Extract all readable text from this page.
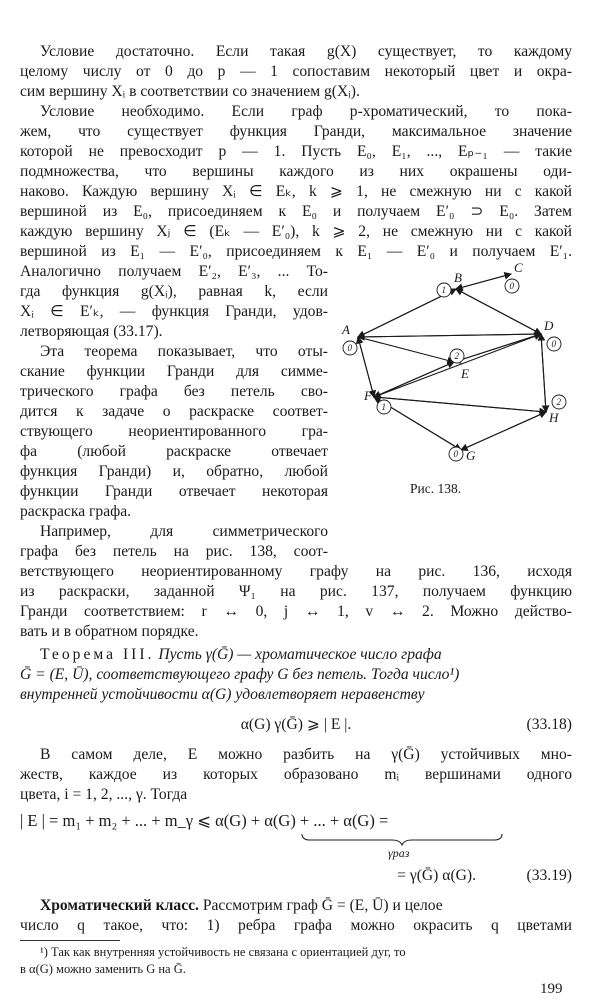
Условие достаточно. Если такая g(X) существует, то каждому
целому числу от 0 до p — 1 сопоставим некоторый цвет и окра-
сим вершину Xᵢ в соответствии со значением g(Xᵢ).
Условие необходимо. Если граф p-хроматический, то пока-
жем, что существует функция Гранди, максимальное значение
которой не превосходит p — 1. Пусть E₀, E₁, ..., Eₚ₋₁ — такие
подмножества, что вершины каждого из них окрашены оди-
наково. Каждую вершину Xᵢ ∈ Eₖ, k ⩾ 1, не смежную ни с какой
вершиной из E₀, присоединяем к E₀ и получаем E′₀ ⊃ E₀. Затем
каждую вершину Xⱼ ∈ (Eₖ — E′₀), k ⩾ 2, не смежную ни с какой
вершиной из E₁ — E′₀, присоединяем к E₁ — E′₀ и получаем E′₁.
Аналогично получаем E′₂, E′₃, ... То-
гда функция g(Xᵢ), равная k, если
Xᵢ ∈ E′ₖ, — функция Гранди, удов-
летворяющая (33.17).
Эта теорема показывает, что оты-
скание функции Гранди для симме-
трического графа без петель сво-
дится к задаче о раскраске соответ-
ствующего неориентированного гра-
фа (любой раскраске отвечает
функция Гранди) и, обратно, любой
функции Гранди отвечает некоторая
раскраска графа.
Например, для симметрического
графа без петель на рис. 138, соот-
ветствующего неориентированному графу на рис. 136, исходя
из раскраски, заданной Ψ₁ на рис. 137, получаем функцию
Гранди соответствием: r ↔ 0, j ↔ 1, v ↔ 2. Можно действо-
вать и в обратном порядке.
Теорема III. Пусть γ(Ḡ) — хроматическое число графа
Ḡ = (E, Ū), соответствующего графу G без петель. Тогда число¹)
внутренней устойчивости α(G) удовлетворяет неравенству
α(G) γ(Ḡ) ⩾ | E |.	(33.18)
В самом деле, E можно разбить на γ(Ḡ) устойчивых мно-
жеств, каждое из которых образовано mᵢ вершинами одного
цвета, i = 1, 2, ..., γ. Тогда
| E | = m₁ + m₂ + ... + m_γ ⩽ α(G) + α(G) + ... + α(G) =
γраз
= γ(Ḡ) α(G).	(33.19)
Хроматический класс. Рассмотрим граф Ḡ = (E, Ū) и целое
число q такое, что: 1) ребра графа можно окрасить q цветами
¹) Так как внутренняя устойчивость не связана с ориентацией дуг, то
в α(G) можно заменить G на Ḡ.
199
0
1	0
0
2
1
0
2
A
B
C
D
E
F
G
H
Рис. 138.
